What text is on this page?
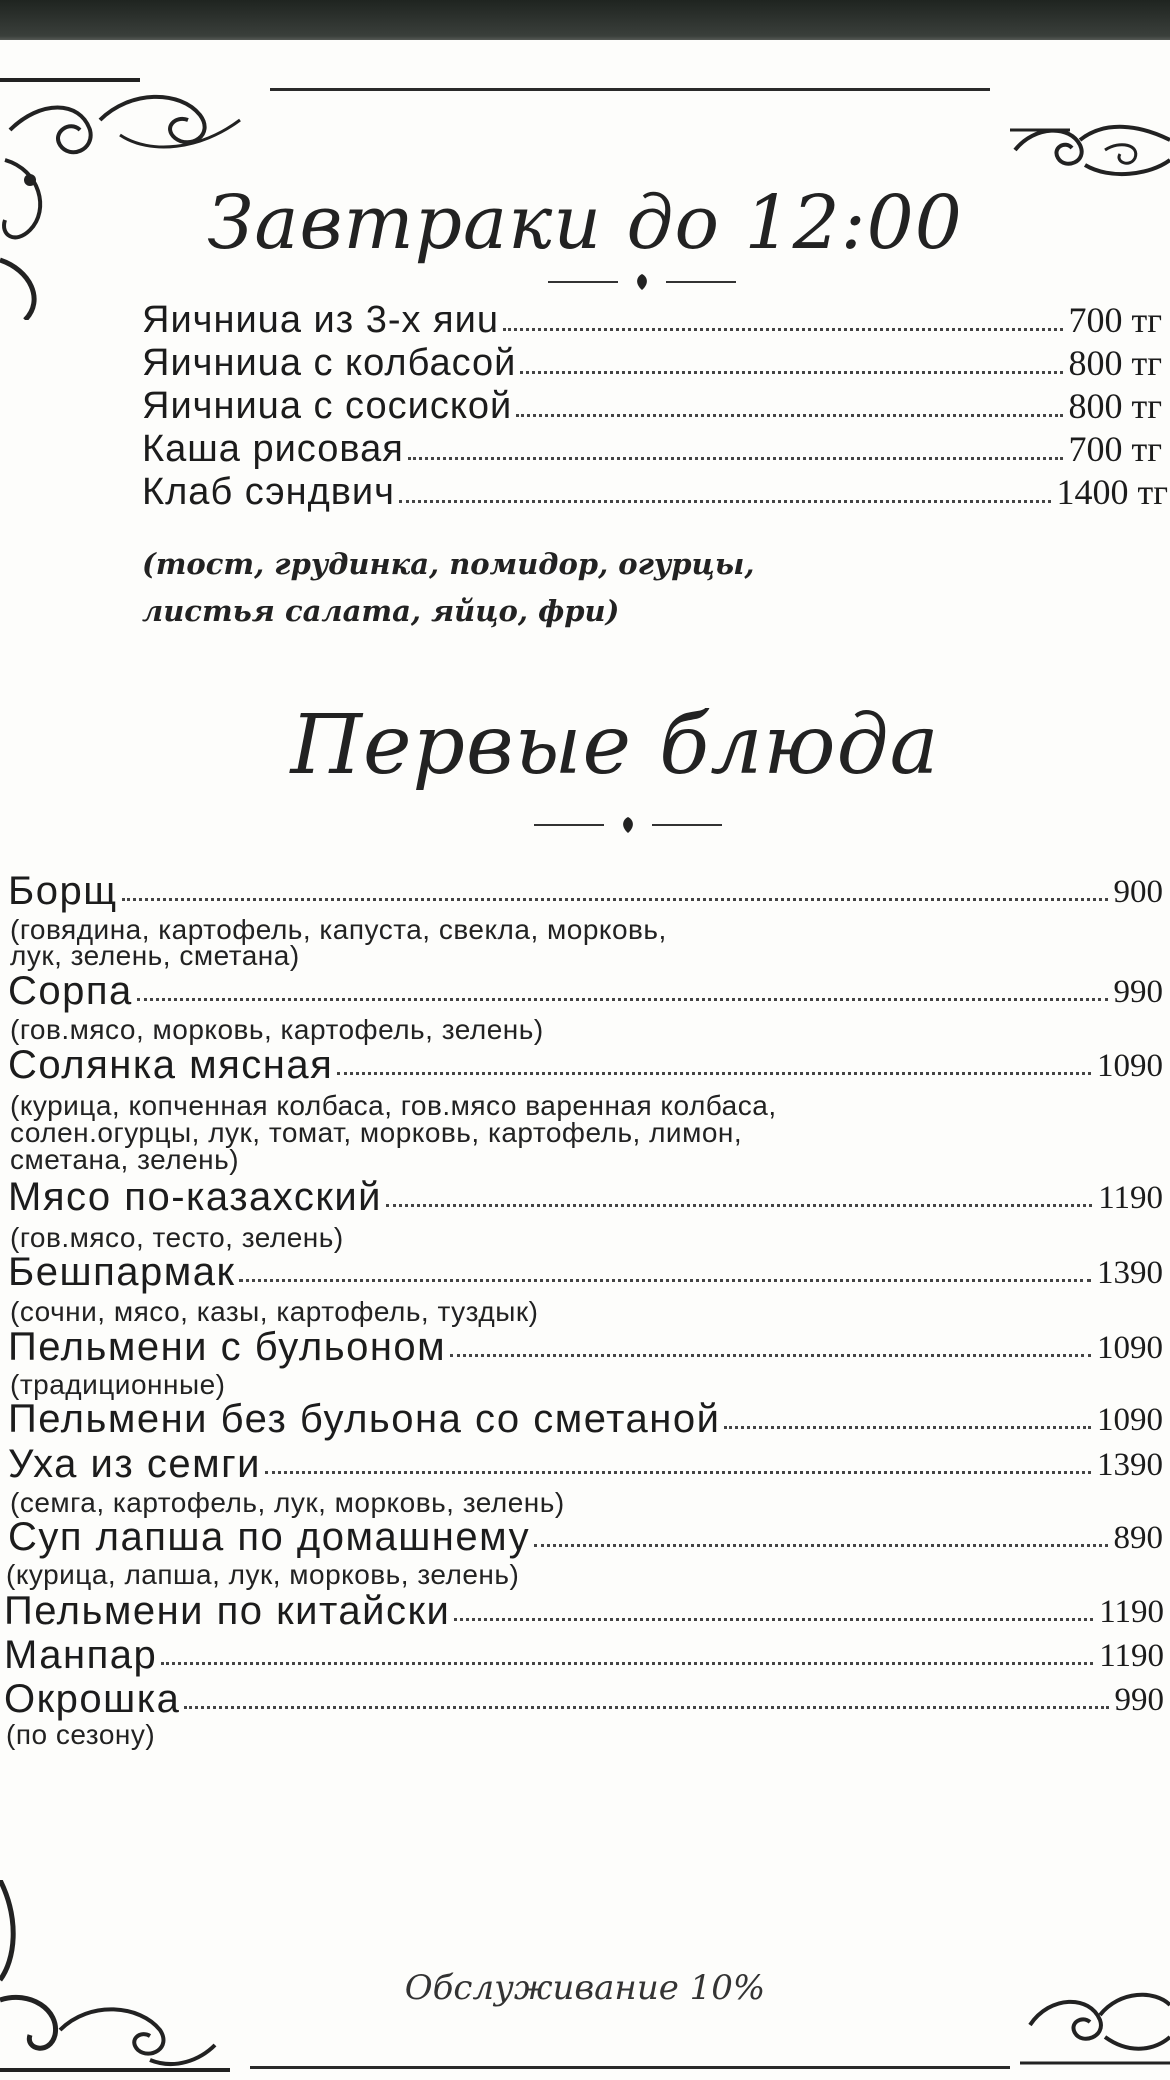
Завтраки до 12:00
Яичниuа из 3-х яиu	700 тг
Яичниuа с колбасой	800 тг
Яичниuа с сосиской	800 тг
Каша рисовая	700 тг
Клаб сэндвич	1400 тг
(тост, грудинка, помидор, огурцы,
листья салата, яйцо, фри)
Первые блюда
Борщ	900
(говядина, картофель, капуста, свекла, морковь,
лук, зелень, сметана)
Сорпа	990
(гов.мясо, морковь, картофель, зелень)
Солянка мясная	1090
(курица, копченная колбаса, гов.мясо варенная колбаса,
солен.огурцы, лук, томат, морковь, картофель, лимон,
сметана, зелень)
Мясо по-казахский	1190
(гов.мясо, тесто, зелень)
Бешпармак	1390
(сочни, мясо, казы, картофель, туздык)
Пельмени с бульоном	1090
(традиционные)
Пельмени без бульона со сметаной	1090
Уха из семги	1390
(семга, картофель, лук, морковь, зелень)
Суп лапша по домашнему	890
(курица, лапша, лук, морковь, зелень)
Пельмени по китайски	1190
Манпар	1190
Окрошка	990
(по сезону)
Обслуживание 10%
